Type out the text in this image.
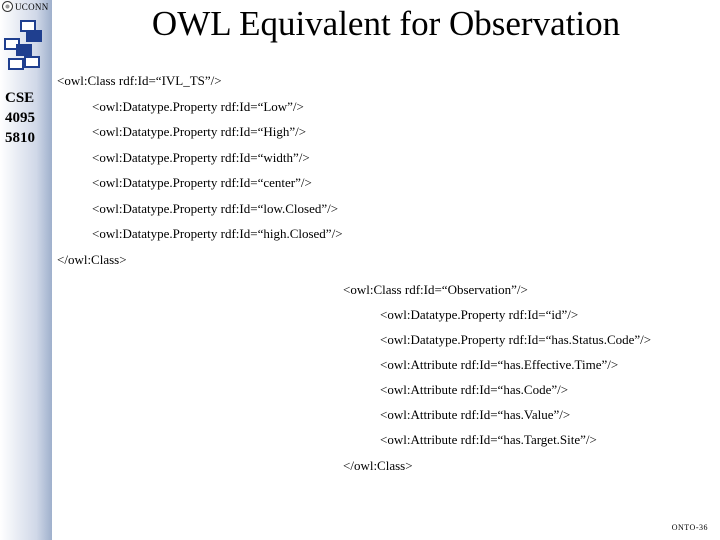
UCONN
CSE
4095
5810
OWL Equivalent for Observation
<owl:Class rdf:Id=“IVL_TS”/>
<owl:Datatype.Property rdf:Id=“Low”/>
<owl:Datatype.Property rdf:Id=“High”/>
<owl:Datatype.Property rdf:Id=“width”/>
<owl:Datatype.Property rdf:Id=“center”/>
<owl:Datatype.Property rdf:Id=“low.Closed”/>
<owl:Datatype.Property rdf:Id=“high.Closed”/>
</owl:Class>
<owl:Class rdf:Id=“Observation”/>
<owl:Datatype.Property rdf:Id=“id”/>
<owl:Datatype.Property rdf:Id=“has.Status.Code”/>
<owl:Attribute rdf:Id=“has.Effective.Time”/>
<owl:Attribute rdf:Id=“has.Code”/>
<owl:Attribute rdf:Id=“has.Value”/>
<owl:Attribute rdf:Id=“has.Target.Site”/>
</owl:Class>
ONTO-36
